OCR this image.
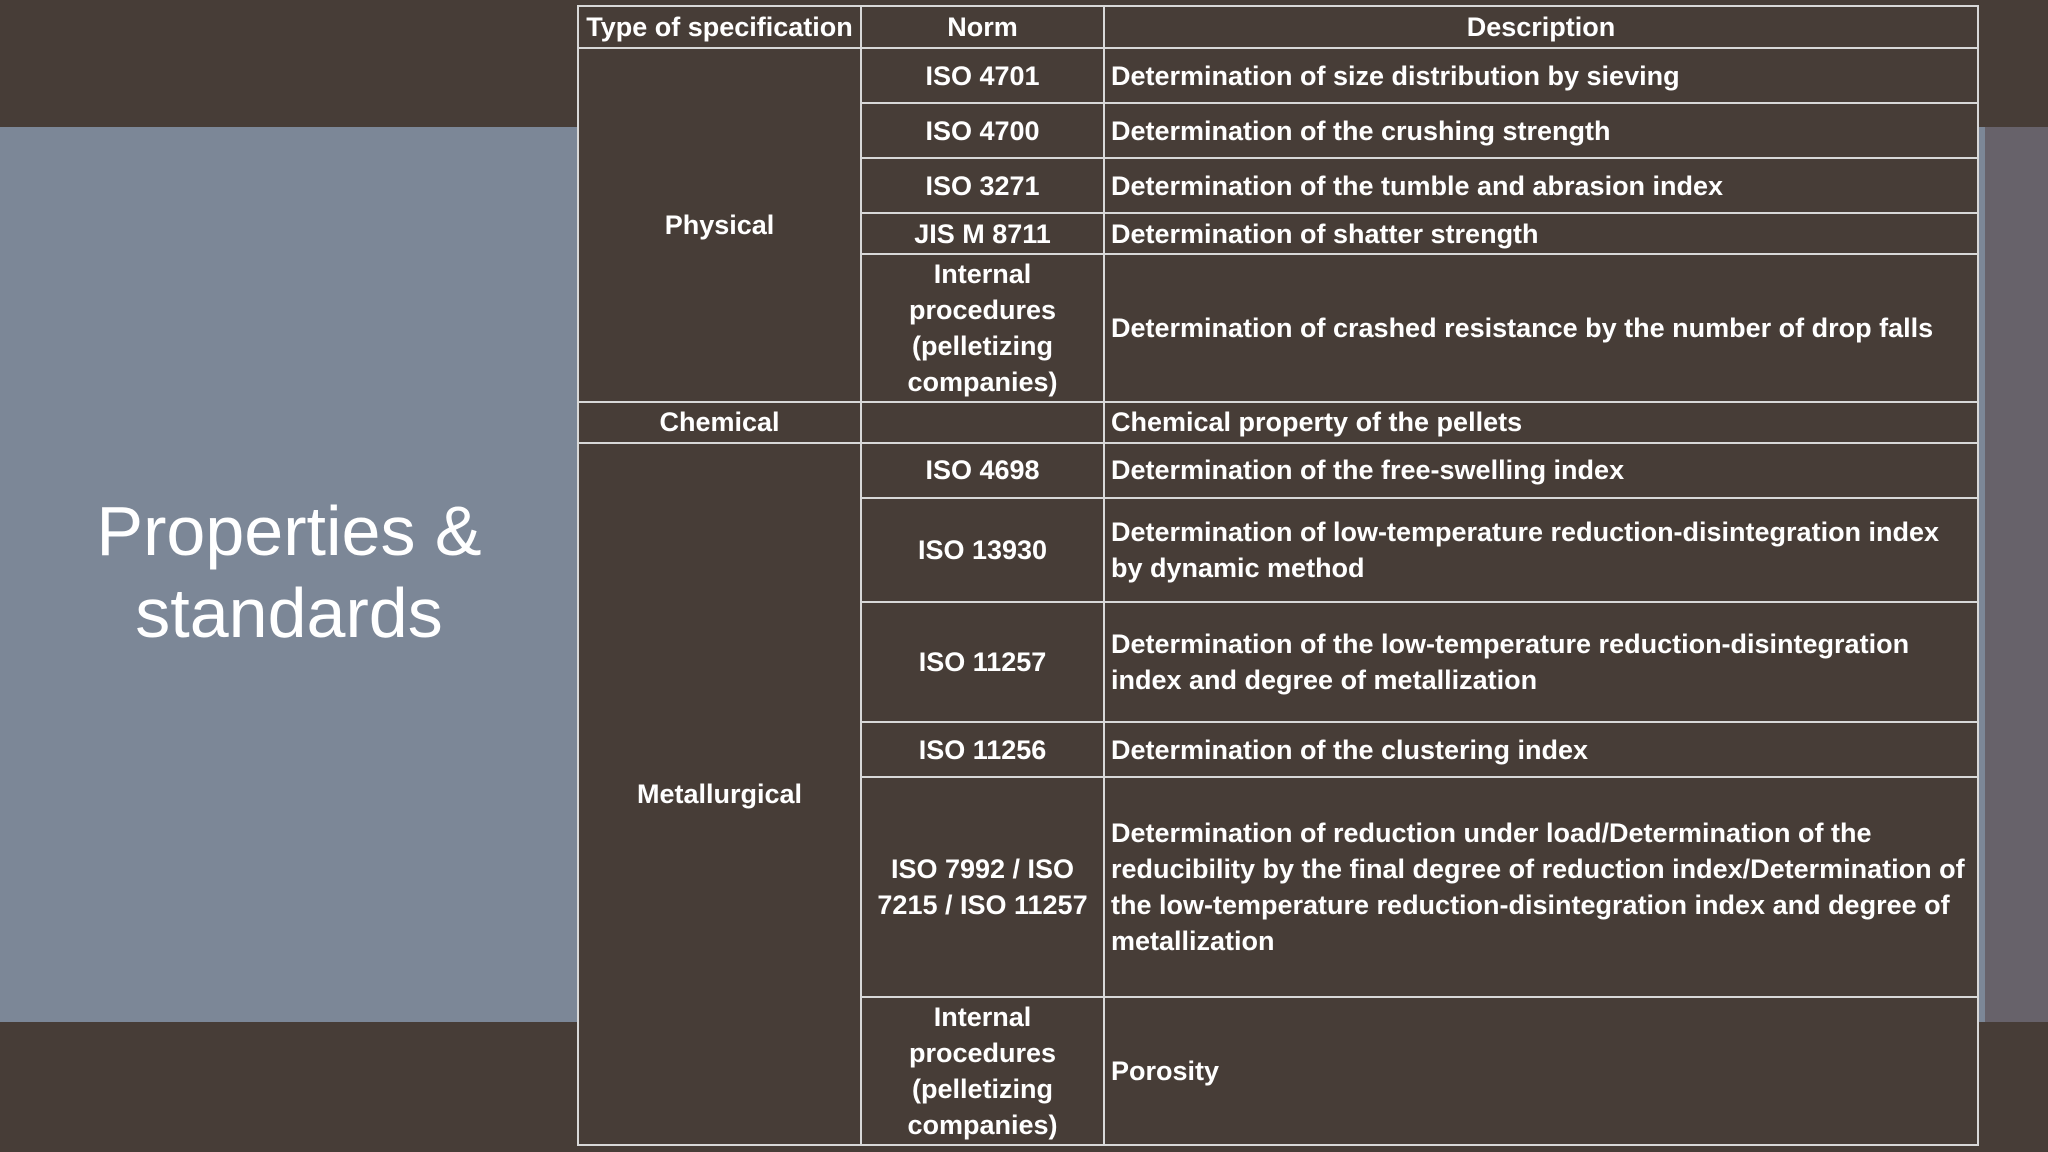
Properties &
standards
Type of specification	Norm	Description
Physical	ISO 4701	Determination of size distribution by sieving
	ISO 4700	Determination of the crushing strength
	ISO 3271	Determination of the tumble and abrasion index
	JIS M 8711	Determination of shatter strength
	Internal procedures (pelletizing companies)	Determination of crashed resistance by the number of drop falls
Chemical		Chemical property of the pellets
Metallurgical	ISO 4698	Determination of the free-swelling index
	ISO 13930	Determination of low-temperature reduction-disintegration index by dynamic method
	ISO 11257	Determination of the low-temperature reduction-disintegration index and degree of metallization
	ISO 11256	Determination of the clustering index
	ISO 7992 / ISO 7215 / ISO 11257	Determination of reduction under load/Determination of the reducibility by the final degree of reduction index/Determination of the low-temperature reduction-disintegration index and degree of metallization
	Internal procedures (pelletizing companies)	Porosity
